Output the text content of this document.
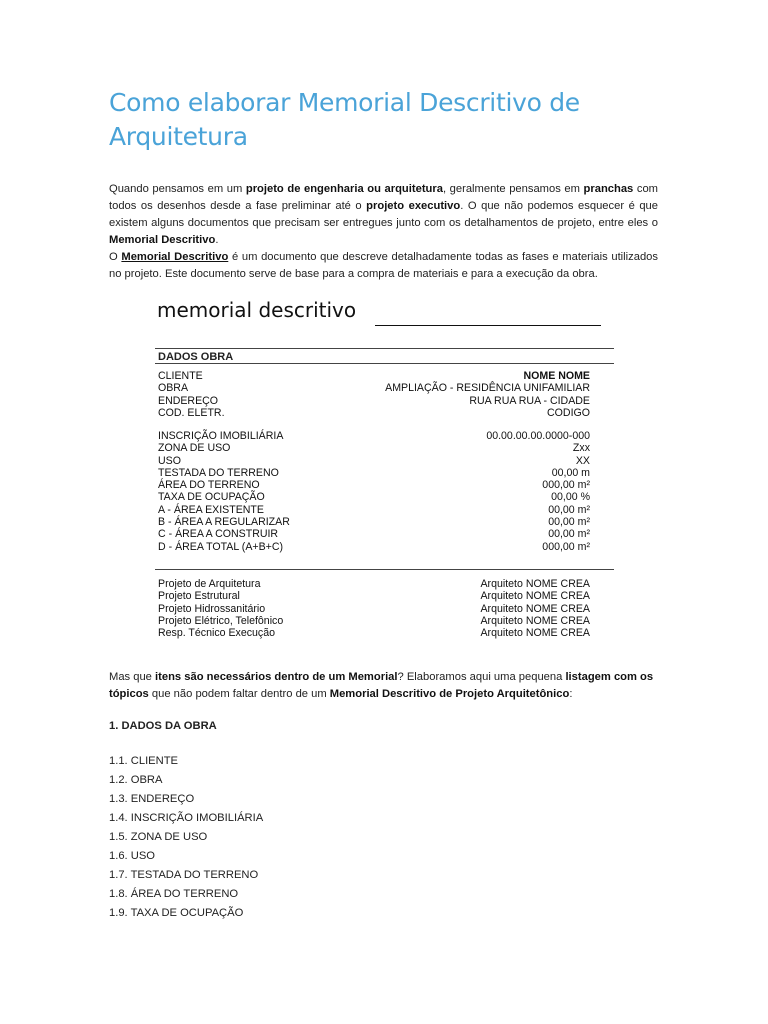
Como elaborar Memorial Descritivo de Arquitetura

Quando pensamos em um projeto de engenharia ou arquitetura, geralmente pensamos em pranchas com todos os desenhos desde a fase preliminar até o projeto executivo. O que não podemos esquecer é que existem alguns documentos que precisam ser entregues junto com os detalhamentos de projeto, entre eles o Memorial Descritivo.

O Memorial Descritivo é um documento que descreve detalhadamente todas as fases e materiais utilizados no projeto. Este documento serve de base para a compra de materiais e para a execução da obra.

memorial descritivo
DADOS OBRA
CLIENTE	NOME NOME
OBRA	AMPLIAÇÃO - RESIDÊNCIA UNIFAMILIAR
ENDEREÇO	RUA RUA RUA - CIDADE
COD. ELETR.	CODIGO
INSCRIÇÃO IMOBILIÁRIA	00.00.00.00.0000-000
ZONA DE USO	Zxx
USO	XX
TESTADA DO TERRENO	00,00 m
ÁREA DO TERRENO	000,00 m²
TAXA DE OCUPAÇÃO	00,00 %
A - ÁREA EXISTENTE	00,00 m²
B - ÁREA A REGULARIZAR	00,00 m²
C - ÁREA A CONSTRUIR	00,00 m²
D - ÁREA TOTAL (A+B+C)	000,00 m²
Projeto de Arquitetura	Arquiteto NOME CREA
Projeto Estrutural	Arquiteto NOME CREA
Projeto Hidrossanitário	Arquiteto NOME CREA
Projeto Elétrico, Telefônico	Arquiteto NOME CREA
Resp. Técnico Execução	Arquiteto NOME CREA

Mas que itens são necessários dentro de um Memorial? Elaboramos aqui uma pequena listagem com os tópicos que não podem faltar dentro de um Memorial Descritivo de Projeto Arquitetônico:

1. DADOS DA OBRA

1.1. CLIENTE
1.2. OBRA
1.3. ENDEREÇO
1.4. INSCRIÇÃO IMOBILIÁRIA
1.5. ZONA DE USO
1.6. USO
1.7. TESTADA DO TERRENO
1.8. ÁREA DO TERRENO
1.9. TAXA DE OCUPAÇÃO
